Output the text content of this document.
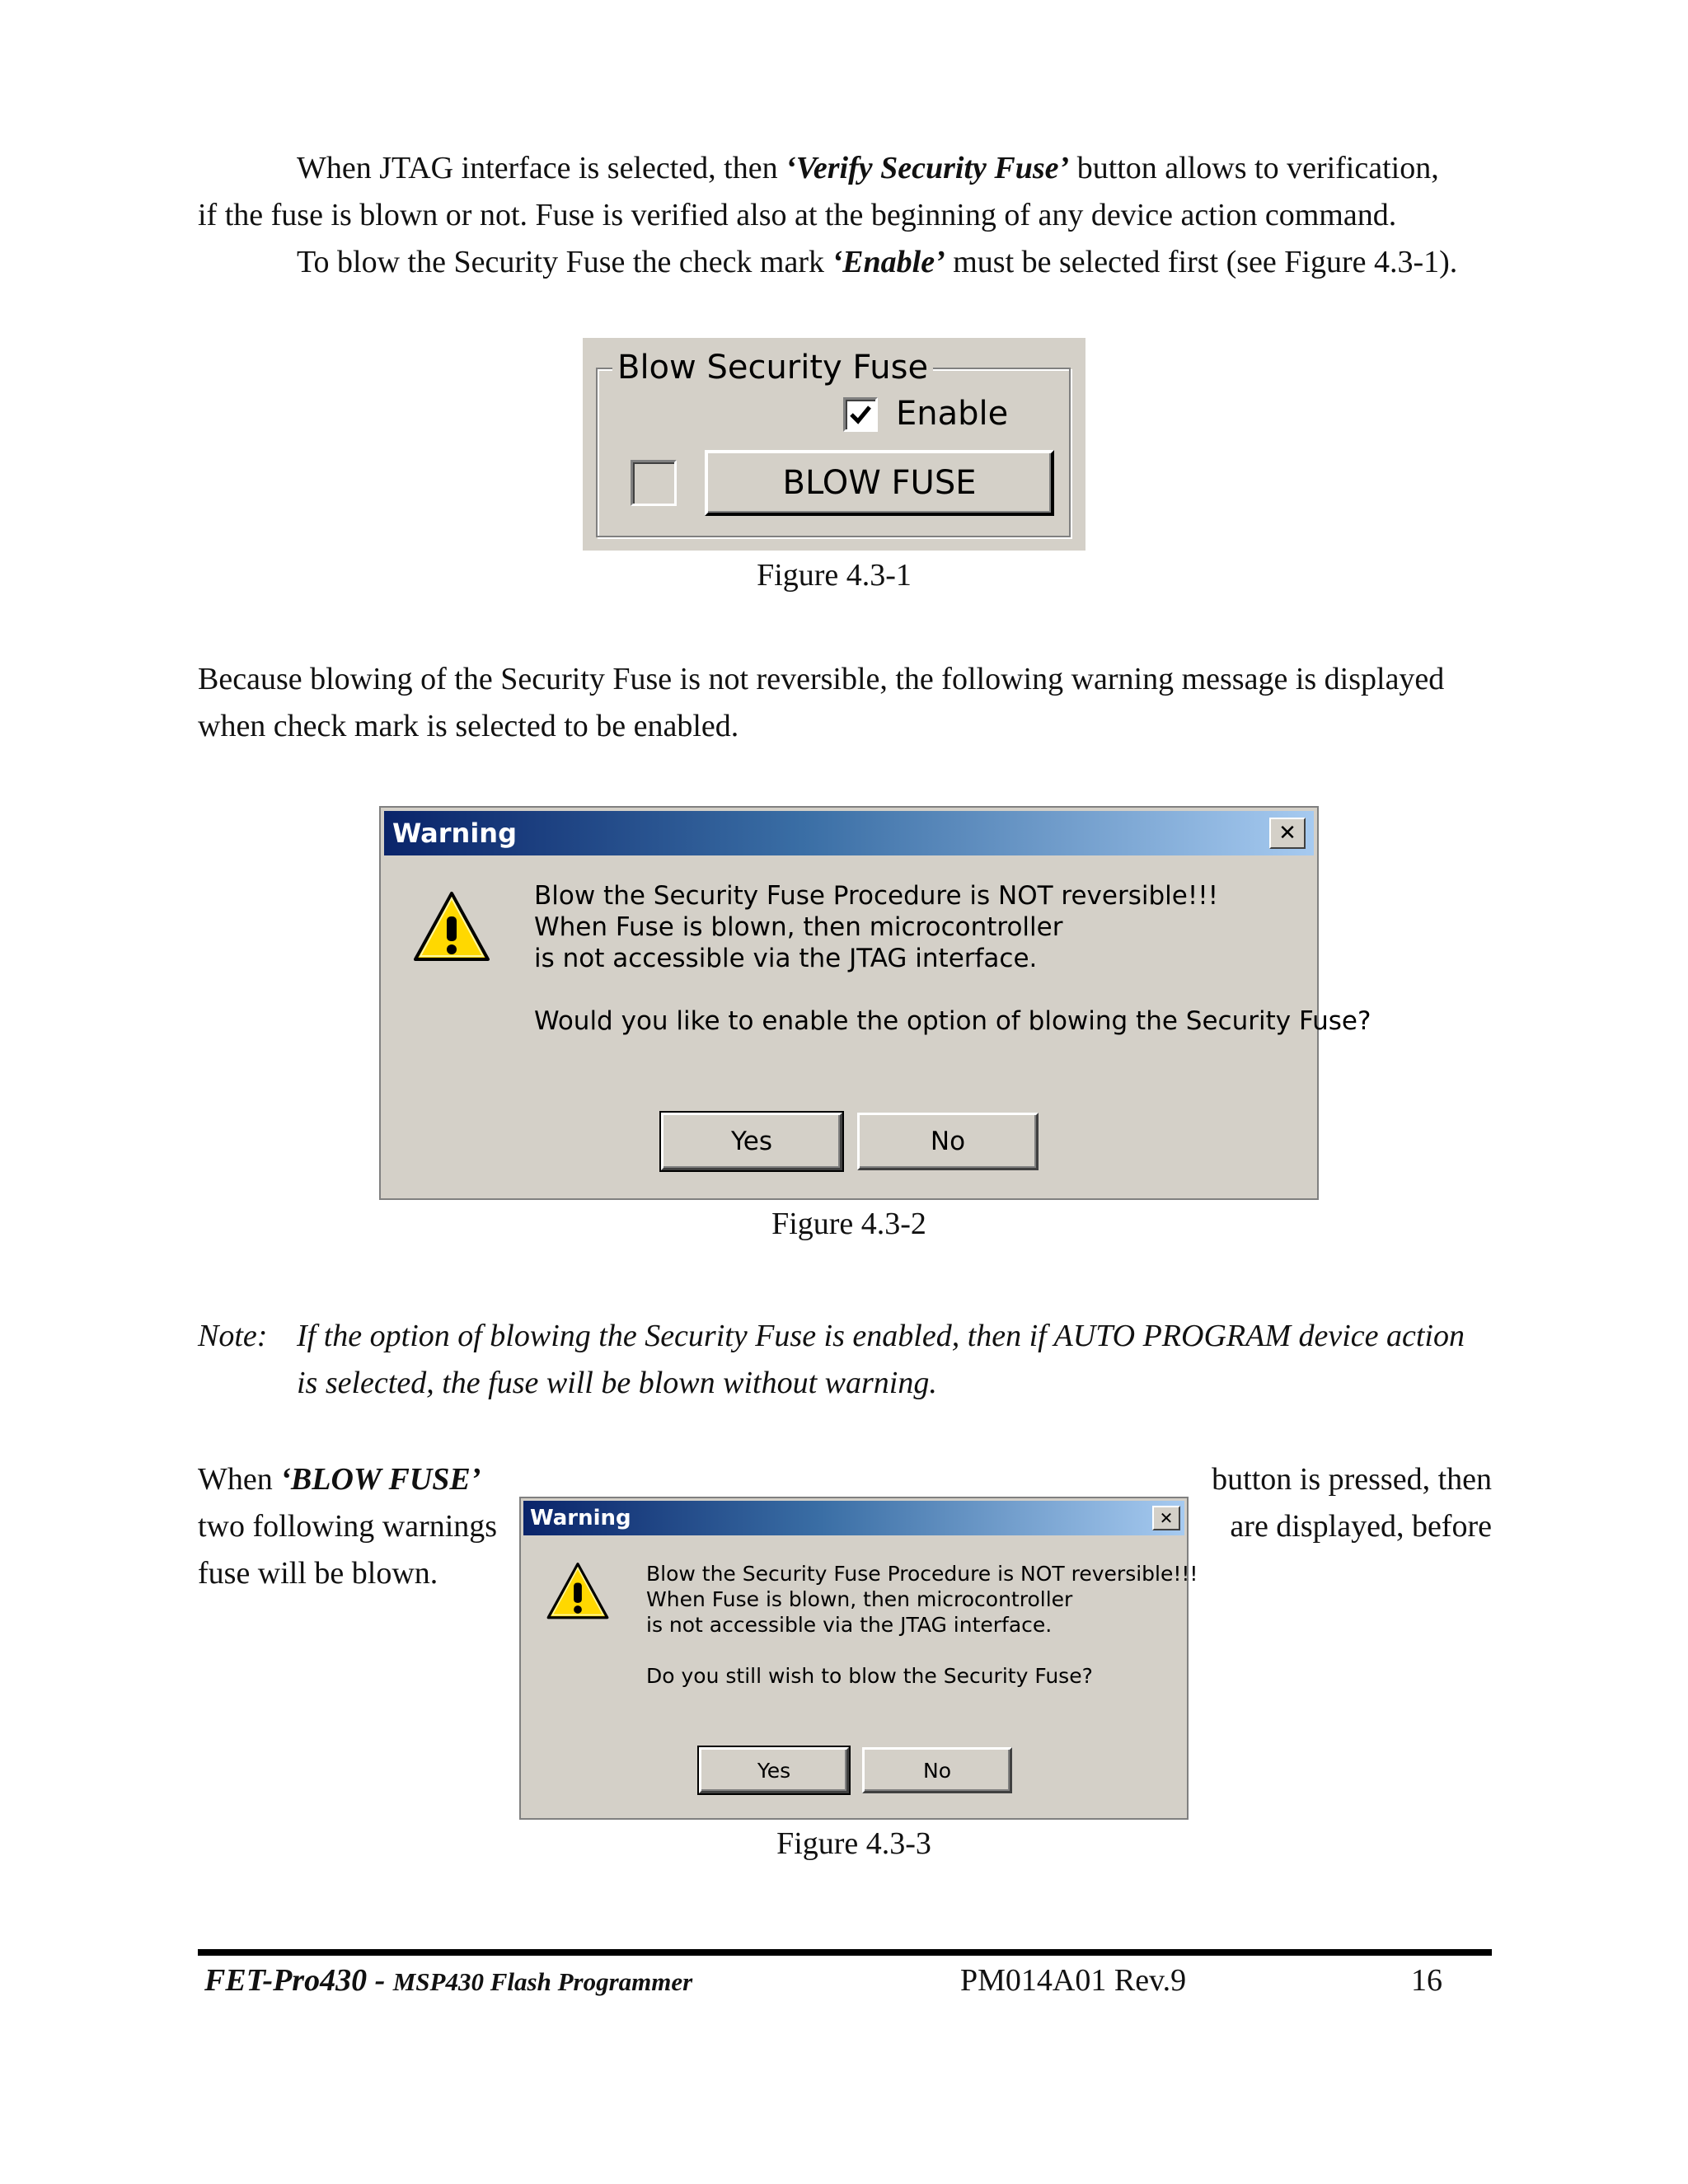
When JTAG interface is selected, then ‘Verify Security Fuse’ button allows to verification,
if the fuse is blown or not. Fuse is verified also at the beginning of any device action command.
To blow the Security Fuse the check mark ‘Enable’ must be selected first (see Figure 4.3-1).
Blow Security Fuse
Enable
BLOW FUSE
Figure 4.3-1
Because blowing of the Security Fuse is not reversible, the following warning message is displayed
when check mark is selected to be enabled.
Warning	✕
Blow the Security Fuse Procedure is NOT reversible!!!
When Fuse is blown, then microcontroller
is not accessible via the JTAG interface.
Would you like to enable the option of blowing the Security Fuse?
Yes	No
Figure 4.3-2
Note: If the option of blowing the Security Fuse is enabled, then if AUTO PROGRAM device action
is selected, the fuse will be blown without warning.
When ‘BLOW FUSE’	button is pressed, then
two following warnings	are displayed, before
fuse will be blown.
Warning	✕
Blow the Security Fuse Procedure is NOT reversible!!!
When Fuse is blown, then microcontroller
is not accessible via the JTAG interface.
Do you still wish to blow the Security Fuse?
Yes	No
Figure 4.3-3
FET-Pro430 - MSP430 Flash Programmer	PM014A01 Rev.9	16
